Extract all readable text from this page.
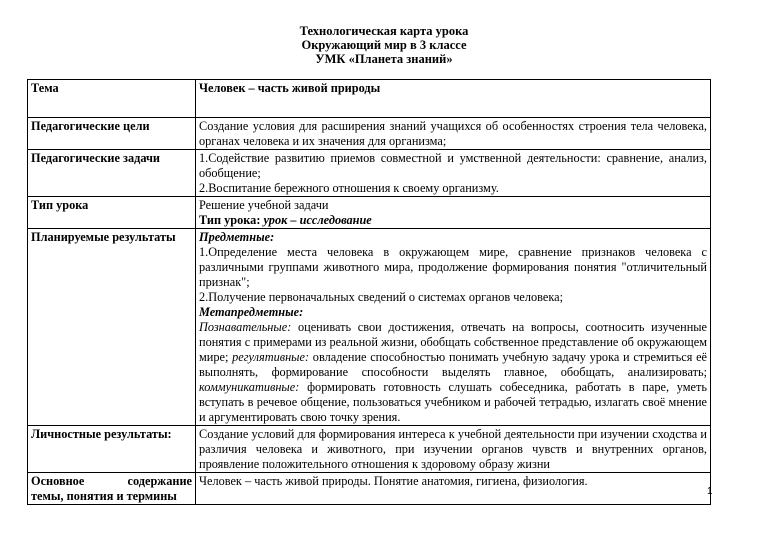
Технологическая карта урока
Окружающий мир в 3 классе
УМК «Планета знаний»
Тема	Человек – часть живой природы
Педагогические цели	Создание условия для расширения знаний учащихся об особенностях строения тела человека, органах человека и их значения для организма;
Педагогические задачи	1.Содействие развитию приемов совместной и умственной деятельности: сравнение, анализ, обобщение;
2.Воспитание бережного отношения к своему организму.

Тип урока	Решение учебной задачи
Тип урока: урок – исследование

Планируемые результаты	Предметные:
1.Определение места человека в окружающем мире, сравнение признаков человека с различными группами животного мира, продолжение формирования понятия "отличительный признак";
2.Получение первоначальных сведений о системах органов человека;
Метапредметные:
Познавательные: оценивать свои достижения, отвечать на вопросы, соотносить изученные понятия с примерами из реальной жизни, обобщать собственное представление об окружающем мире; регулятивные: овладение способностью понимать учебную задачу урока и стремиться её выполнять, формирование способности выделять главное, обобщать, анализировать; коммуникативные: формировать готовность слушать собеседника, работать в паре, уметь вступать в речевое общение, пользоваться учебником и рабочей тетрадью, излагать своё мнение и аргументировать свою точку зрения.

Личностные результаты:	Создание условий для формирования интереса к учебной деятельности при изучении сходства и различия человека и животного, при изучении органов чувств и внутренних органов, проявление положительного отношения к здоровому образу жизни

Основное содержание
темы, понятия и термины	Человек – часть живой природы. Понятие анатомия, гигиена, физиология.
1
